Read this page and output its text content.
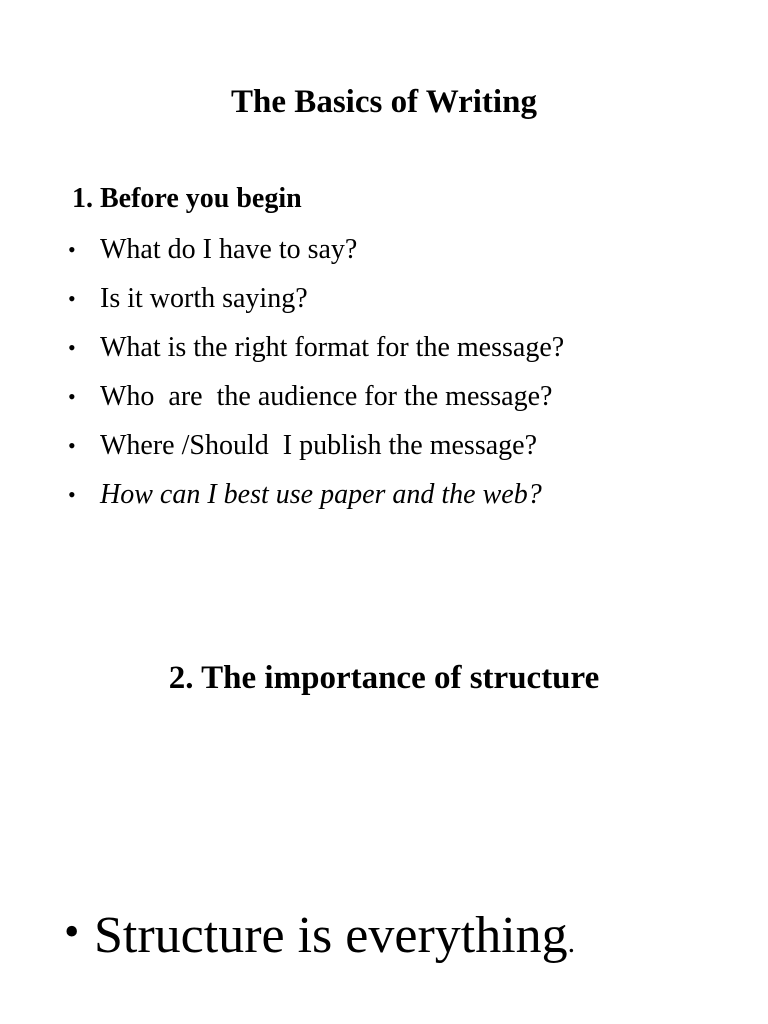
The Basics of Writing
1. Before you begin
• What do I have to say?
• Is it worth saying?
• What is the right format for the message?
• Who  are  the audience for the message?
• Where /Should  I publish the message?
• How can I best use paper and the web?
2. The importance of structure
• Structure is everything.
